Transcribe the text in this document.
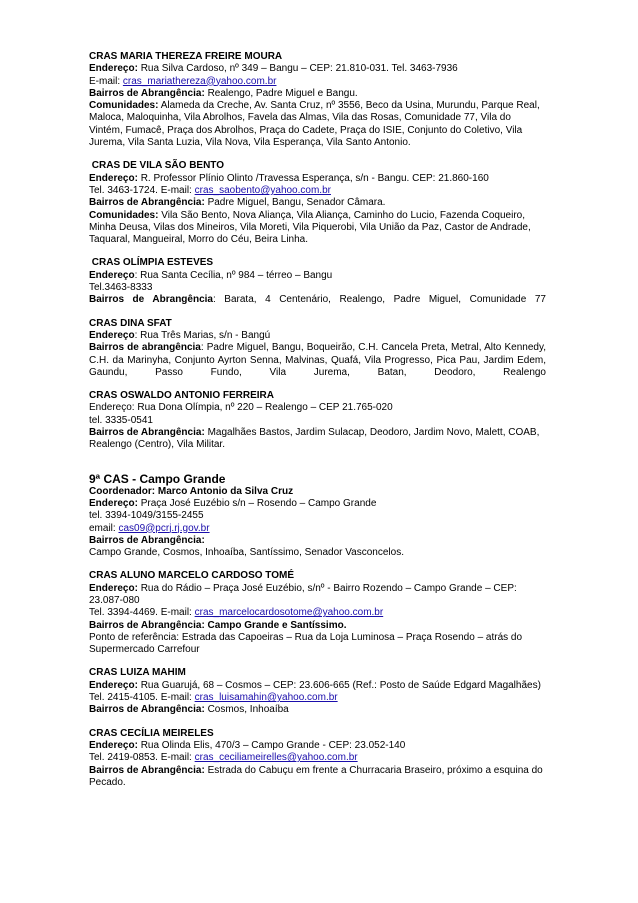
CRAS MARIA THEREZA FREIRE MOURA
Endereço: Rua Silva Cardoso, nº 349 – Bangu – CEP: 21.810-031. Tel. 3463-7936
E-mail: cras_mariathereza@yahoo.com.br
Bairros de Abrangência: Realengo, Padre Miguel e Bangu.
Comunidades: Alameda da Creche, Av. Santa Cruz, nº 3556, Beco da Usina, Murundu, Parque Real, Maloca, Maloquinha, Vila Abrolhos, Favela das Almas, Vila das Rosas, Comunidade 77, Vila do Vintém, Fumacê, Praça dos Abrolhos, Praça do Cadete, Praça do ISIE, Conjunto do Coletivo, Vila Jurema, Vila Santa Luzia, Vila Nova, Vila Esperança, Vila Santo Antonio.
CRAS DE VILA SÃO BENTO
Endereço: R. Professor Plínio Olinto /Travessa Esperança, s/n - Bangu. CEP: 21.860-160
Tel. 3463-1724. E-mail: cras_saobento@yahoo.com.br
Bairros de Abrangência: Padre Miguel, Bangu, Senador Câmara.
Comunidades: Vila São Bento, Nova Aliança, Vila Aliança, Caminho do Lucio, Fazenda Coqueiro, Minha Deusa, Vilas dos Mineiros, Vila Moreti, Vila Piquerobi, Vila União da Paz, Castor de Andrade, Taquaral, Mangueiral, Morro do Céu, Beira Linha.
CRAS OLÍMPIA ESTEVES
Endereço: Rua Santa Cecília, nº 984 – térreo – Bangu
Tel.3463-8333
Bairros de Abrangência: Barata, 4 Centenário, Realengo, Padre Miguel, Comunidade 77
CRAS DINA SFAT
Endereço: Rua Três Marias, s/n - Bangú
Bairros de abrangência: Padre Miguel, Bangu, Boqueirão, C.H. Cancela Preta, Metral, Alto Kennedy, C.H. da Marinyha, Conjunto Ayrton Senna, Malvinas, Quafá, Vila Progresso, Pica Pau, Jardim Edem, Gaundu, Passo Fundo, Vila Jurema, Batan, Deodoro, Realengo
CRAS OSWALDO ANTONIO FERREIRA
Endereço: Rua Dona Olímpia, nº 220 – Realengo – CEP 21.765-020
tel. 3335-0541
Bairros de Abrangência: Magalhães Bastos, Jardim Sulacap, Deodoro, Jardim Novo, Malett, COAB, Realengo (Centro), Vila Militar.
9ª CAS - Campo Grande
Coordenador: Marco Antonio da Silva Cruz
Endereço: Praça José Euzébio s/n – Rosendo – Campo Grande
tel. 3394-1049/3155-2455
email: cas09@pcrj.rj.gov.br
Bairros de Abrangência:
Campo Grande, Cosmos, Inhoaíba, Santíssimo, Senador Vasconcelos.
CRAS ALUNO MARCELO CARDOSO TOMÉ
Endereço: Rua do Rádio – Praça José Euzébio, s/nº - Bairro Rozendo – Campo Grande – CEP: 23.087-080
Tel. 3394-4469. E-mail: cras_marcelocardosotome@yahoo.com.br
Bairros de Abrangência: Campo Grande e Santíssimo.
Ponto de referência: Estrada das Capoeiras – Rua da Loja Luminosa – Praça Rosendo – atrás do Supermercado Carrefour
CRAS LUIZA MAHIM
Endereço: Rua Guarujá, 68 – Cosmos – CEP: 23.606-665 (Ref.: Posto de Saúde Edgard Magalhães)
Tel. 2415-4105. E-mail: cras_luisamahin@yahoo.com.br
Bairros de Abrangência: Cosmos, Inhoaíba
CRAS CECÍLIA MEIRELES
Endereço: Rua Olinda Elis, 470/3 – Campo Grande - CEP: 23.052-140
Tel. 2419-0853. E-mail: cras_ceciliameirelles@yahoo.com.br
Bairros de Abrangência: Estrada do Cabuçu em frente a Churracaria Braseiro, próximo a esquina do Pecado.
